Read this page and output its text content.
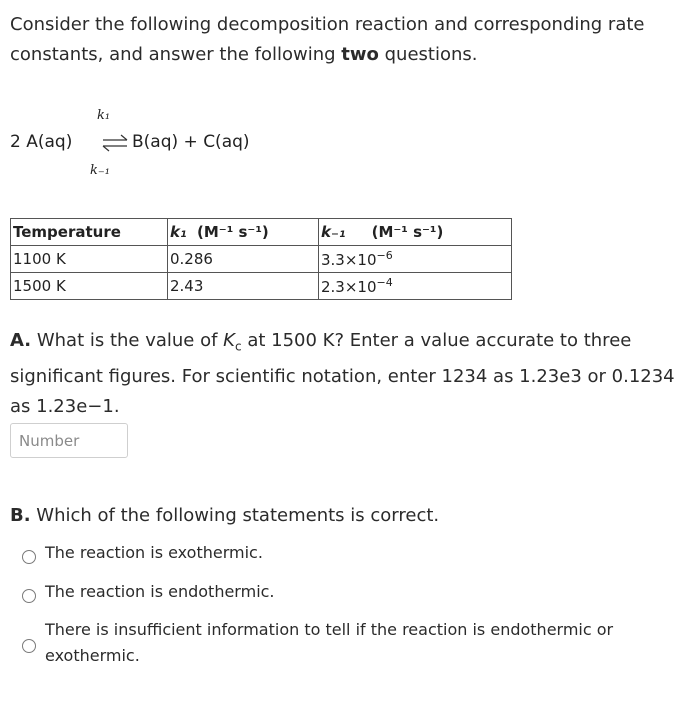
Consider the following decomposition reaction and corresponding rate constants, and answer the following two questions.
k₁
2 A(aq) ⇌ B(aq) + C(aq)
k₋₁
Temperature	k₁ (M⁻¹ s⁻¹)	k₋₁ (M⁻¹ s⁻¹)
1100 K	0.286	$3.3\times 10^{-6}$
1500 K	2.43	$2.3\times 10^{-4}$
A. What is the value of $K_c$ at 1500 K? Enter a value accurate to three significant figures. For scientific notation, enter 1234 as 1.23e3 or 0.1234 as 1.23e−1.
Number
B. Which of the following statements is correct.
The reaction is exothermic.
The reaction is endothermic.
There is insufficient information to tell if the reaction is endothermic or exothermic.
